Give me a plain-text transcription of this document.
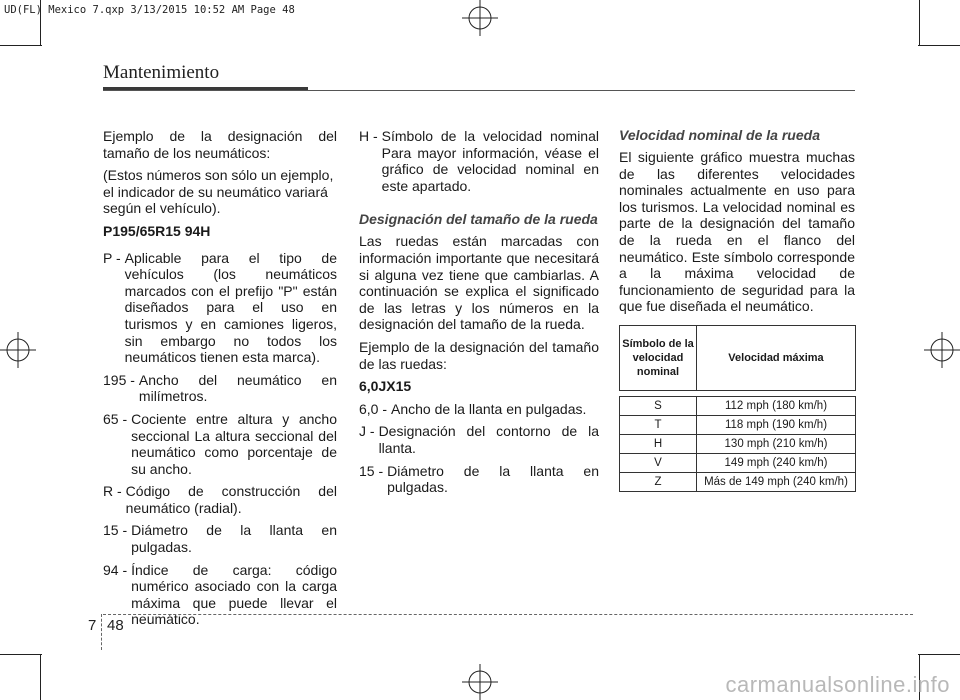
UD(FL) Mexico 7.qxp 3/13/2015 10:52 AM Page 48
Mantenimiento

Ejemplo de la designación del tamaño de los neumáticos:

(Estos números son sólo un ejemplo, el indicador de su neumático variará según el vehículo).

P195/65R15 94H

P - Aplicable para el tipo de vehículos (los neumáticos marcados con el prefijo "P" están diseñados para el uso en turismos y en camiones ligeros, sin embargo no todos los neumáticos tienen esta marca).
195 - Ancho del neumático en milímetros.
65 - Cociente entre altura y ancho seccional La altura seccional del neumático como porcentaje de su ancho.
R - Código de construcción del neumático (radial).
15 - Diámetro de la llanta en pulgadas.
94 - Índice de carga: código numérico asociado con la carga máxima que puede llevar el neumático.
H - Símbolo de la velocidad nominal Para mayor información, véase el gráfico de velocidad nominal en este apartado.
Designación del tamaño de la rueda

Las ruedas están marcadas con información importante que necesitará si alguna vez tiene que cambiarlas. A continuación se explica el significado de las letras y los números en la designación del tamaño de la rueda.

Ejemplo de la designación del tamaño de las ruedas:

6,0JX15

6,0 - Ancho de la llanta en pulgadas.
J - Designación del contorno de la llanta.
15 - Diámetro de la llanta en pulgadas.
Velocidad nominal de la rueda

El siguiente gráfico muestra muchas de las diferentes velocidades nominales actualmente en uso para los turismos. La velocidad nominal es parte de la designación del tamaño de la rueda en el flanco del neumático. Este símbolo corresponde a la máxima velocidad de funcionamiento de seguridad para la que fue diseñada el neumático.

Símbolo de la velocidad nominal	Velocidad máxima

S	112 mph (180 km/h)
T	118 mph (190 km/h)
H	130 mph (210 km/h)
V	149 mph (240 km/h)
Z	Más de 149 mph (240 km/h)
7 48
carmanualsonline.info
